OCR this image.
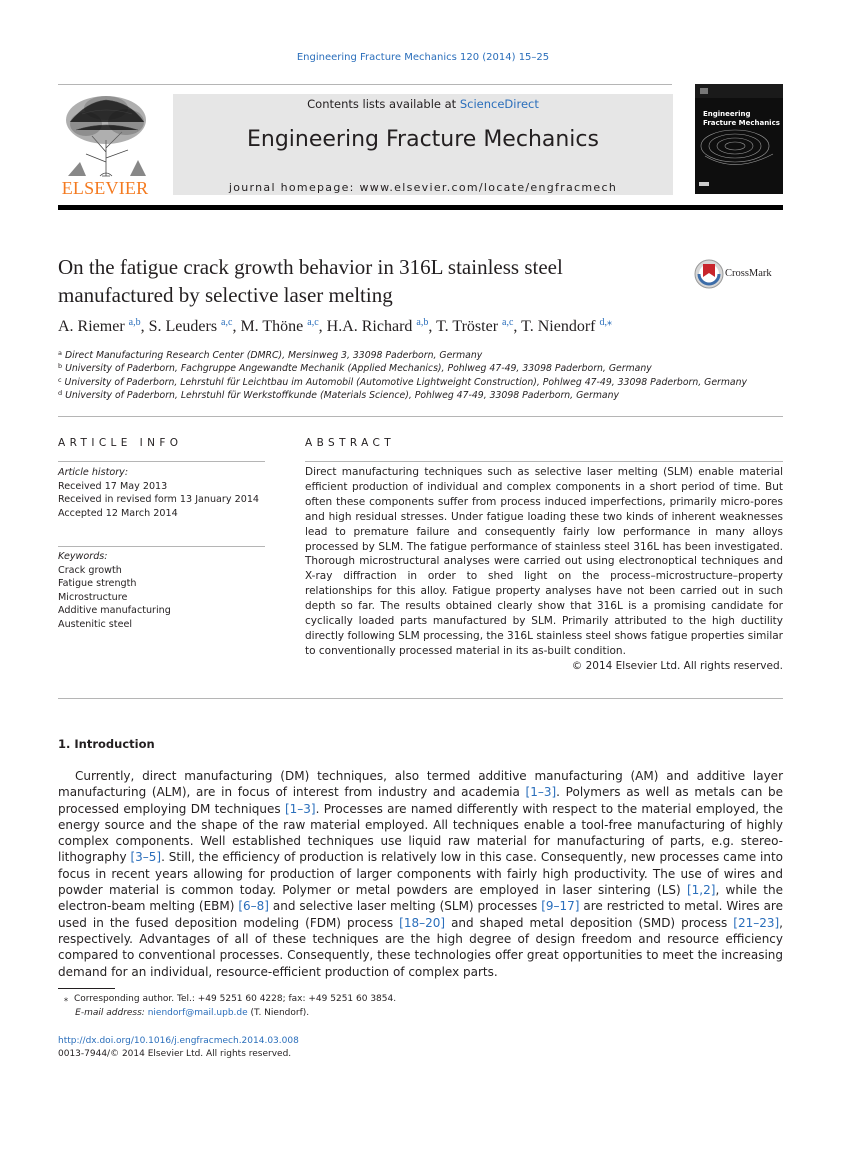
Engineering Fracture Mechanics 120 (2014) 15–25
ELSEVIER
Contents lists available at ScienceDirect
Engineering Fracture Mechanics
journal homepage: www.elsevier.com/locate/engfracmech
Engineering
Fracture Mechanics
On the fatigue crack growth behavior in 316L stainless steel manufactured by selective laser melting
CrossMark
A. Riemer $^{a,b}$, S. Leuders $^{a,c}$, M. Thöne $^{a,c}$, H.A. Richard $^{a,b}$, T. Tröster $^{a,c}$, T. Niendorf $^{d,⁎}$
$^a$ Direct Manufacturing Research Center (DMRC), Mersinweg 3, 33098 Paderborn, Germany
$^b$ University of Paderborn, Fachgruppe Angewandte Mechanik (Applied Mechanics), Pohlweg 47-49, 33098 Paderborn, Germany
$^c$ University of Paderborn, Lehrstuhl für Leichtbau im Automobil (Automotive Lightweight Construction), Pohlweg 47-49, 33098 Paderborn, Germany
$^d$ University of Paderborn, Lehrstuhl für Werkstoffkunde (Materials Science), Pohlweg 47-49, 33098 Paderborn, Germany
ARTICLE INFO
Article history:
Received 17 May 2013
Received in revised form 13 January 2014
Accepted 12 March 2014
Keywords:
Crack growth
Fatigue strength
Microstructure
Additive manufacturing
Austenitic steel
ABSTRACT
Direct manufacturing techniques such as selective laser melting (SLM) enable material efficient production of individual and complex components in a short period of time. But often these components suffer from process induced imperfections, primarily micro-pores and high residual stresses. Under fatigue loading these two kinds of inherent weaknesses lead to premature failure and consequently fairly low performance in many alloys processed by SLM. The fatigue performance of stainless steel 316L has been investigated. Thorough microstructural analyses were carried out using electronoptical techniques and X-ray diffraction in order to shed light on the process–microstructure–property relationships for this alloy. Fatigue property analyses have not been carried out in such depth so far. The results obtained clearly show that 316L is a promising candidate for cyclically loaded parts manufactured by SLM. Primarily attributed to the high ductility directly following SLM processing, the 316L stainless steel shows fatigue properties similar to conventionally processed material in its as-built condition.
© 2014 Elsevier Ltd. All rights reserved.
1. Introduction
Currently, direct manufacturing (DM) techniques, also termed additive manufacturing (AM) and additive layer manufacturing (ALM), are in focus of interest from industry and academia [1–3]. Polymers as well as metals can be processed employing DM techniques [1–3]. Processes are named differently with respect to the material employed, the energy source and the shape of the raw material employed. All techniques enable a tool-free manufacturing of highly complex components. Well established techniques use liquid raw material for manufacturing of parts, e.g. stereo-lithography [3–5]. Still, the efficiency of production is relatively low in this case. Consequently, new processes came into focus in recent years allowing for production of larger components with fairly high productivity. The use of wires and powder material is common today. Polymer or metal powders are employed in laser sintering (LS) [1,2], while the electron-beam melting (EBM) [6–8] and selective laser melting (SLM) processes [9–17] are restricted to metal. Wires are used in the fused deposition modeling (FDM) process [18–20] and shaped metal deposition (SMD) process [21–23], respectively. Advantages of all of these techniques are the high degree of design freedom and resource efficiency compared to conventional processes. Consequently, these technologies offer great opportunities to meet the increasing demand for an individual, resource-efficient production of complex parts.
⁎ Corresponding author. Tel.: +49 5251 60 4228; fax: +49 5251 60 3854.
E-mail address: niendorf@mail.upb.de (T. Niendorf).
http://dx.doi.org/10.1016/j.engfracmech.2014.03.008
0013-7944/© 2014 Elsevier Ltd. All rights reserved.
